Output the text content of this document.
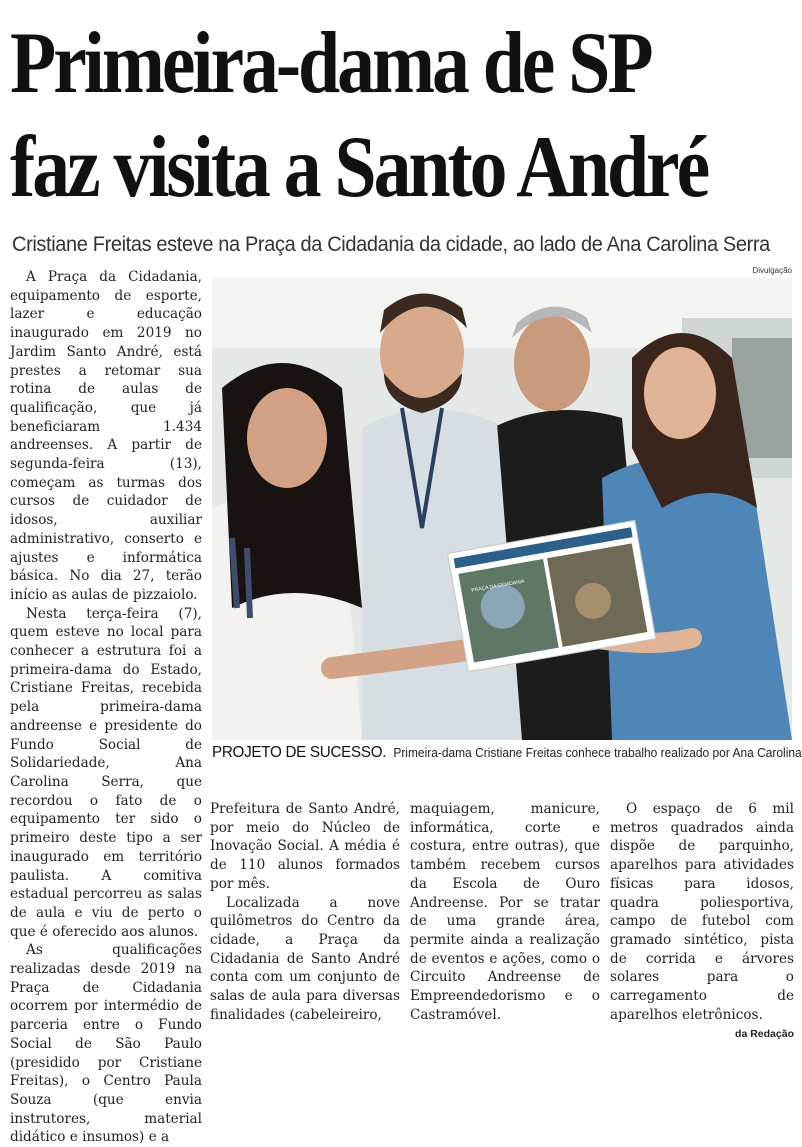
Primeira-dama de SP
faz visita a Santo André
Cristiane Freitas esteve na Praça da Cidadania da cidade, ao lado de Ana Carolina Serra

A Praça da Cidadania, equipamento de esporte, lazer e educação inaugurado em 2019 no Jardim Santo André, está prestes a retomar sua rotina de aulas de qualificação, que já beneficiaram 1.434 andreenses. A partir de segunda-feira (13), começam as turmas dos cursos de cuidador de idosos, auxiliar administrativo, conserto e ajustes e informática básica. No dia 27, terão início as aulas de pizzaiolo.

Nesta terça-feira (7), quem esteve no local para conhecer a estrutura foi a primeira-dama do Estado, Cristiane Freitas, recebida pela primeira-dama andreense e presidente do Fundo Social de Solidariedade, Ana Carolina Serra, que recordou o fato de o equipamento ter sido o primeiro deste tipo a ser inaugurado em território paulista. A comitiva estadual percorreu as salas de aula e viu de perto o que é oferecido aos alunos.

As qualificações realizadas desde 2019 na Praça de Cidadania ocorrem por intermédio de parceria entre o Fundo Social de São Paulo (presidido por Cristiane Freitas), o Centro Paula Souza (que envia instrutores, material didático e insumos) e a

Divulgação
PRAÇA DA CIDADANIA
PROJETO DE SUCESSO. Primeira-dama Cristiane Freitas conhece trabalho realizado por Ana Carolina

Prefeitura de Santo André, por meio do Núcleo de Inovação Social. A média é de 110 alunos formados por mês.

Localizada a nove quilômetros do Centro da cidade, a Praça da Cidadania de Santo André conta com um conjunto de salas de aula para diversas finalidades (cabeleireiro,

maquiagem, manicure, informática, corte e costura, entre outras), que também recebem cursos da Escola de Ouro Andreense. Por se tratar de uma grande área, permite ainda a realização de eventos e ações, como o Circuito Andreense de Empreendedorismo e o Castramóvel.

O espaço de 6 mil metros quadrados ainda dispõe de parquinho, aparelhos para atividades físicas para idosos, quadra poliesportiva, campo de futebol com gramado sintético, pista de corrida e árvores solares para o carregamento de aparelhos eletrônicos.

da Redação
